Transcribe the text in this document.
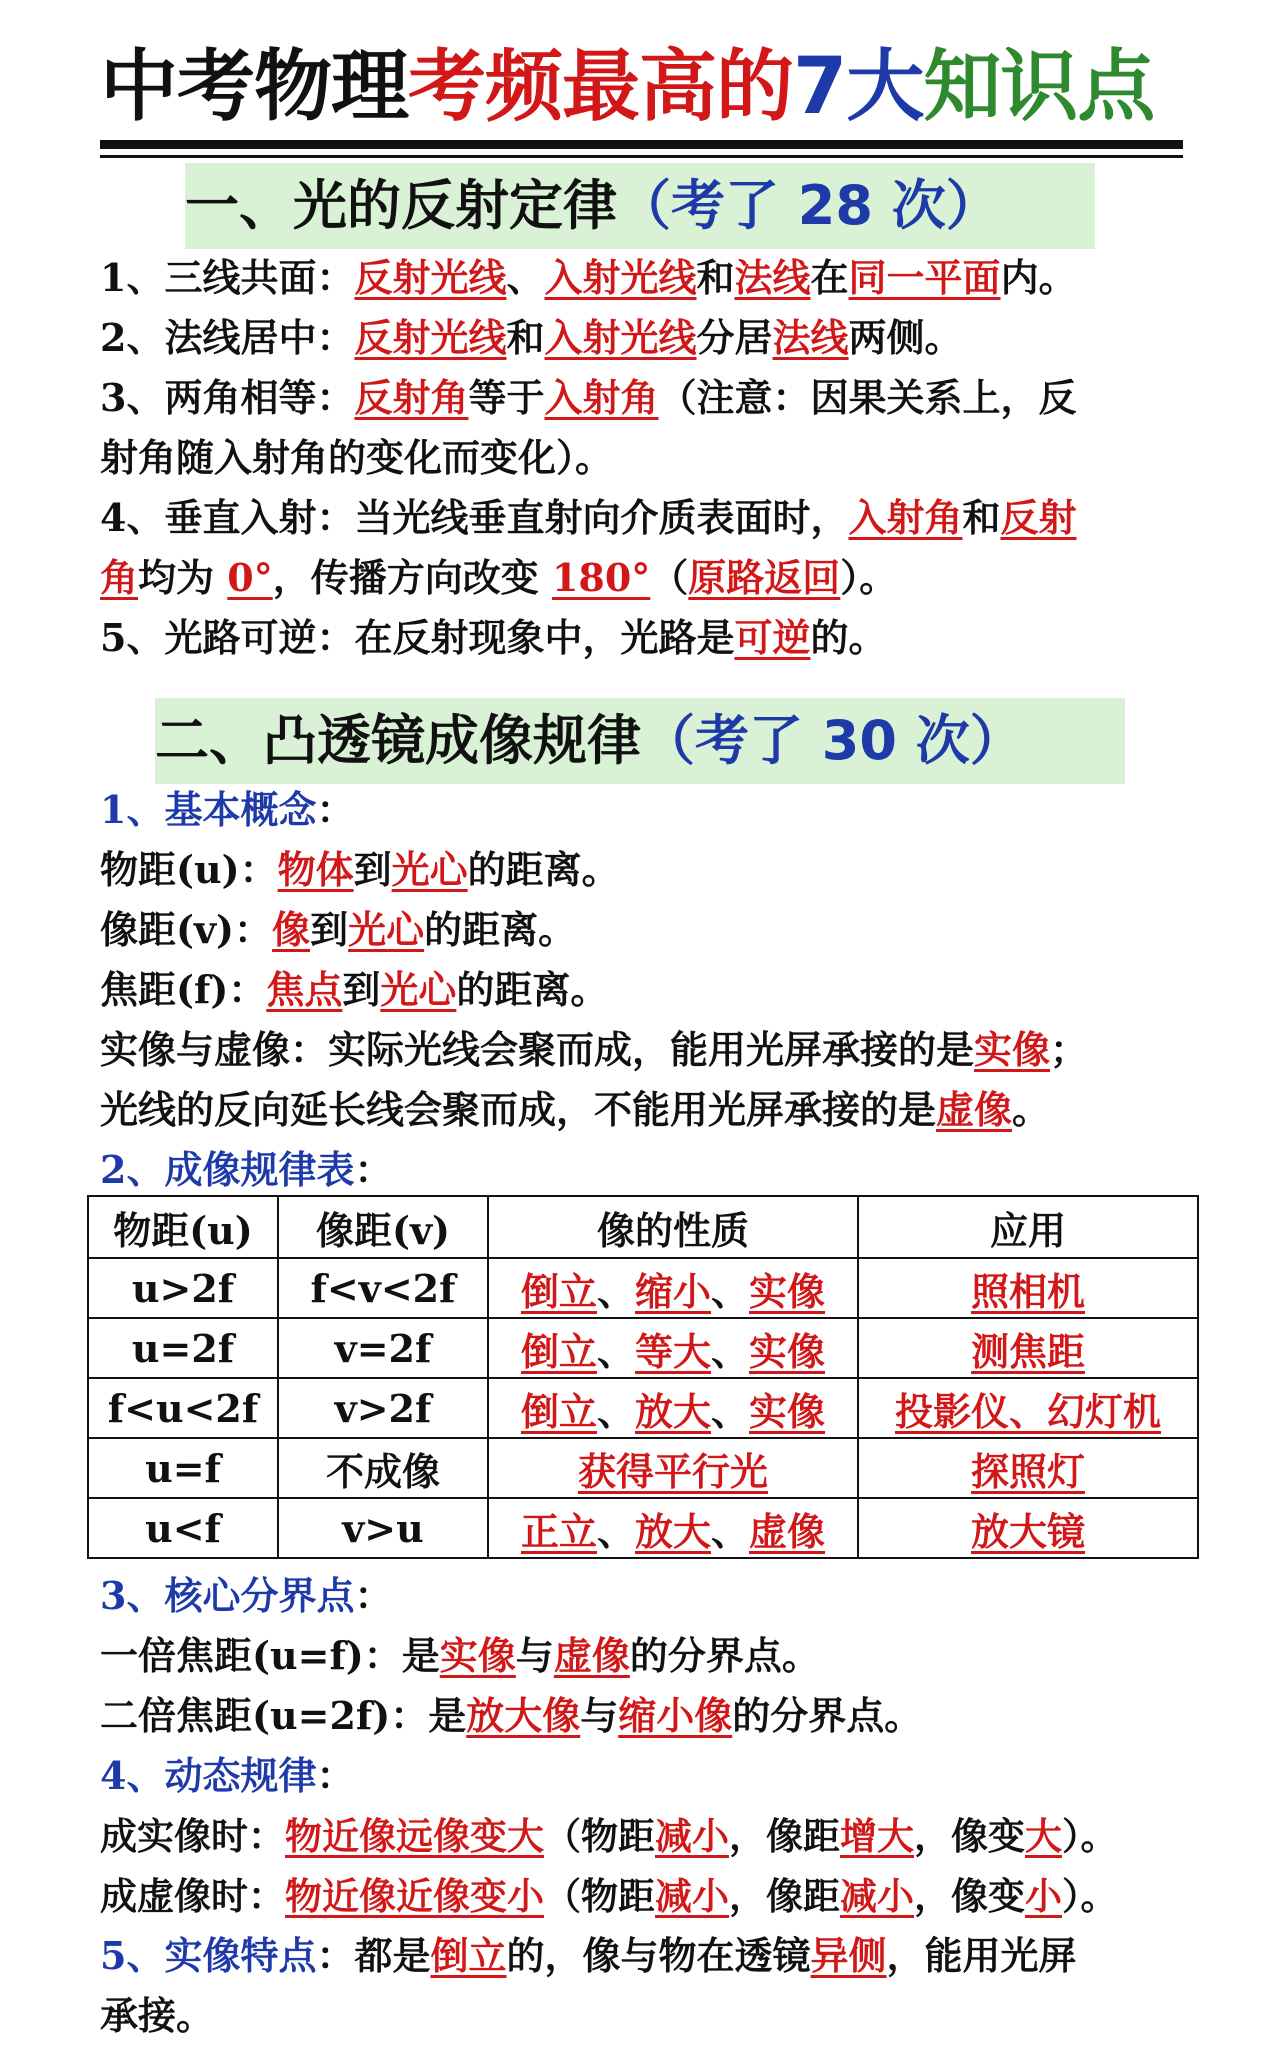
中考物理考频最高的7大知识点
一、光的反射定律（考了 28 次）
1、三线共面：反射光线、入射光线和法线在同一平面内。
2、法线居中：反射光线和入射光线分居法线两侧。
3、两角相等：反射角等于入射角（注意：因果关系上，反
射角随入射角的变化而变化）。
4、垂直入射：当光线垂直射向介质表面时，入射角和反射
角均为 0°，传播方向改变 180°（原路返回）。
5、光路可逆：在反射现象中，光路是可逆的。
二、凸透镜成像规律（考了 30 次）
1、基本概念：
物距(u)：物体到光心的距离。
像距(v)：像到光心的距离。
焦距(f)：焦点到光心的距离。
实像与虚像：实际光线会聚而成，能用光屏承接的是实像；
光线的反向延长线会聚而成，不能用光屏承接的是虚像。
2、成像规律表：
物距(u)	像距(v)	像的性质	应用
u>2f	f<v<2f	倒立、缩小、实像	照相机
u=2f	v=2f	倒立、等大、实像	测焦距
f<u<2f	v>2f	倒立、放大、实像	投影仪、幻灯机
u=f	不成像	获得平行光	探照灯
u<f	v>u	正立、放大、虚像	放大镜
3、核心分界点：
一倍焦距(u=f)：是实像与虚像的分界点。
二倍焦距(u=2f)：是放大像与缩小像的分界点。
4、动态规律：
成实像时：物近像远像变大（物距减小，像距增大，像变大）。
成虚像时：物近像近像变小（物距减小，像距减小，像变小）。
5、实像特点：都是倒立的，像与物在透镜异侧，能用光屏
承接。
